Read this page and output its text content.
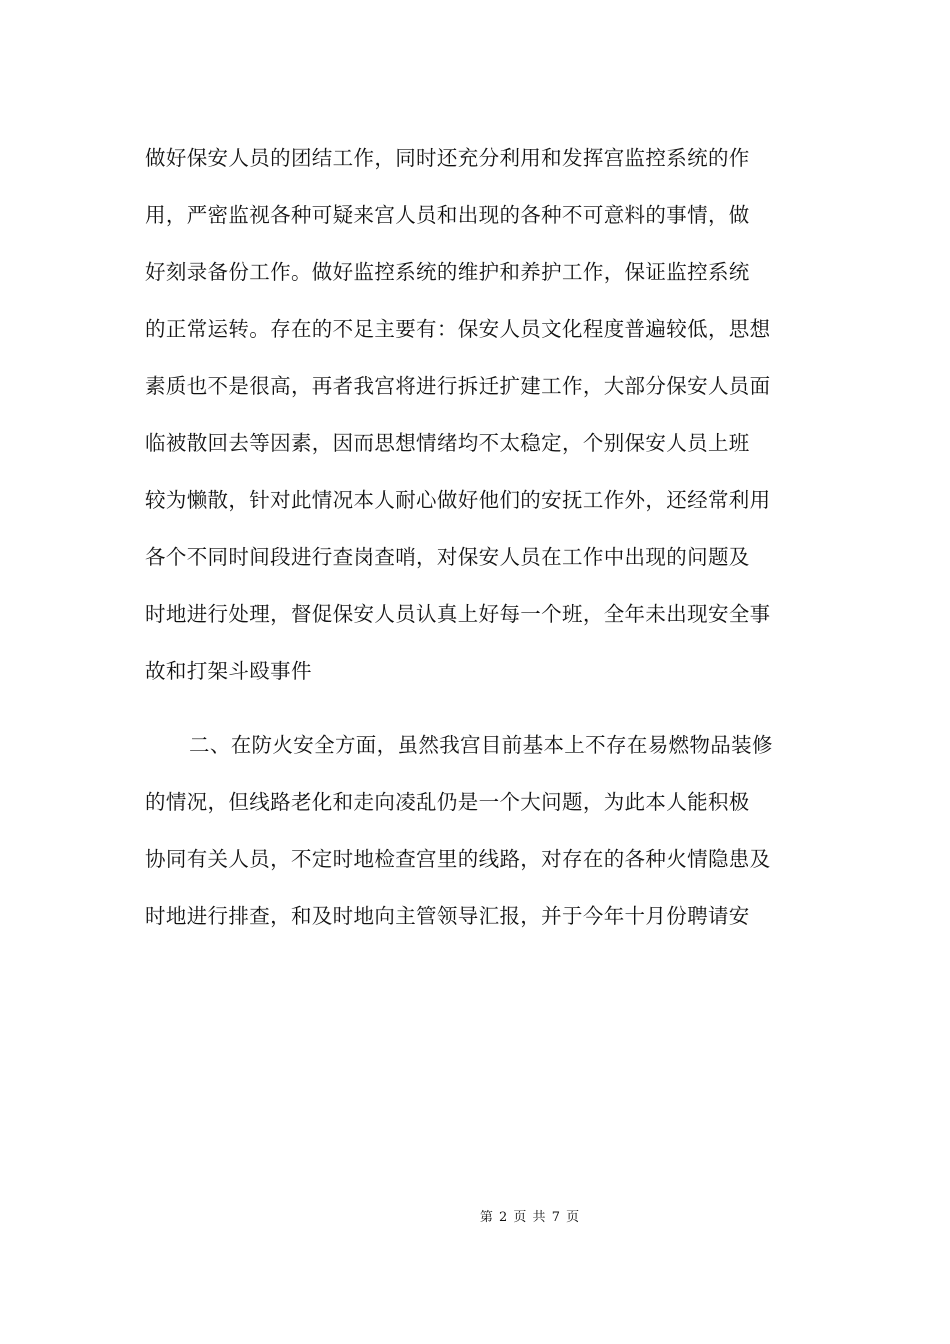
做好保安人员的团结工作，同时还充分利用和发挥宫监控系统的作
用，严密监视各种可疑来宫人员和出现的各种不可意料的事情，做
好刻录备份工作。做好监控系统的维护和养护工作，保证监控系统
的正常运转。存在的不足主要有：保安人员文化程度普遍较低，思想
素质也不是很高，再者我宫将进行拆迁扩建工作，大部分保安人员面
临被散回去等因素，因而思想情绪均不太稳定，个别保安人员上班
较为懒散，针对此情况本人耐心做好他们的安抚工作外，还经常利用
各个不同时间段进行查岗查哨，对保安人员在工作中出现的问题及
时地进行处理，督促保安人员认真上好每一个班，全年未出现安全事
故和打架斗殴事件
二、在防火安全方面，虽然我宫目前基本上不存在易燃物品装修
的情况，但线路老化和走向凌乱仍是一个大问题，为此本人能积极
协同有关人员，不定时地检查宫里的线路，对存在的各种火情隐患及
时地进行排查，和及时地向主管领导汇报，并于今年十月份聘请安
第 2 页 共 7 页
